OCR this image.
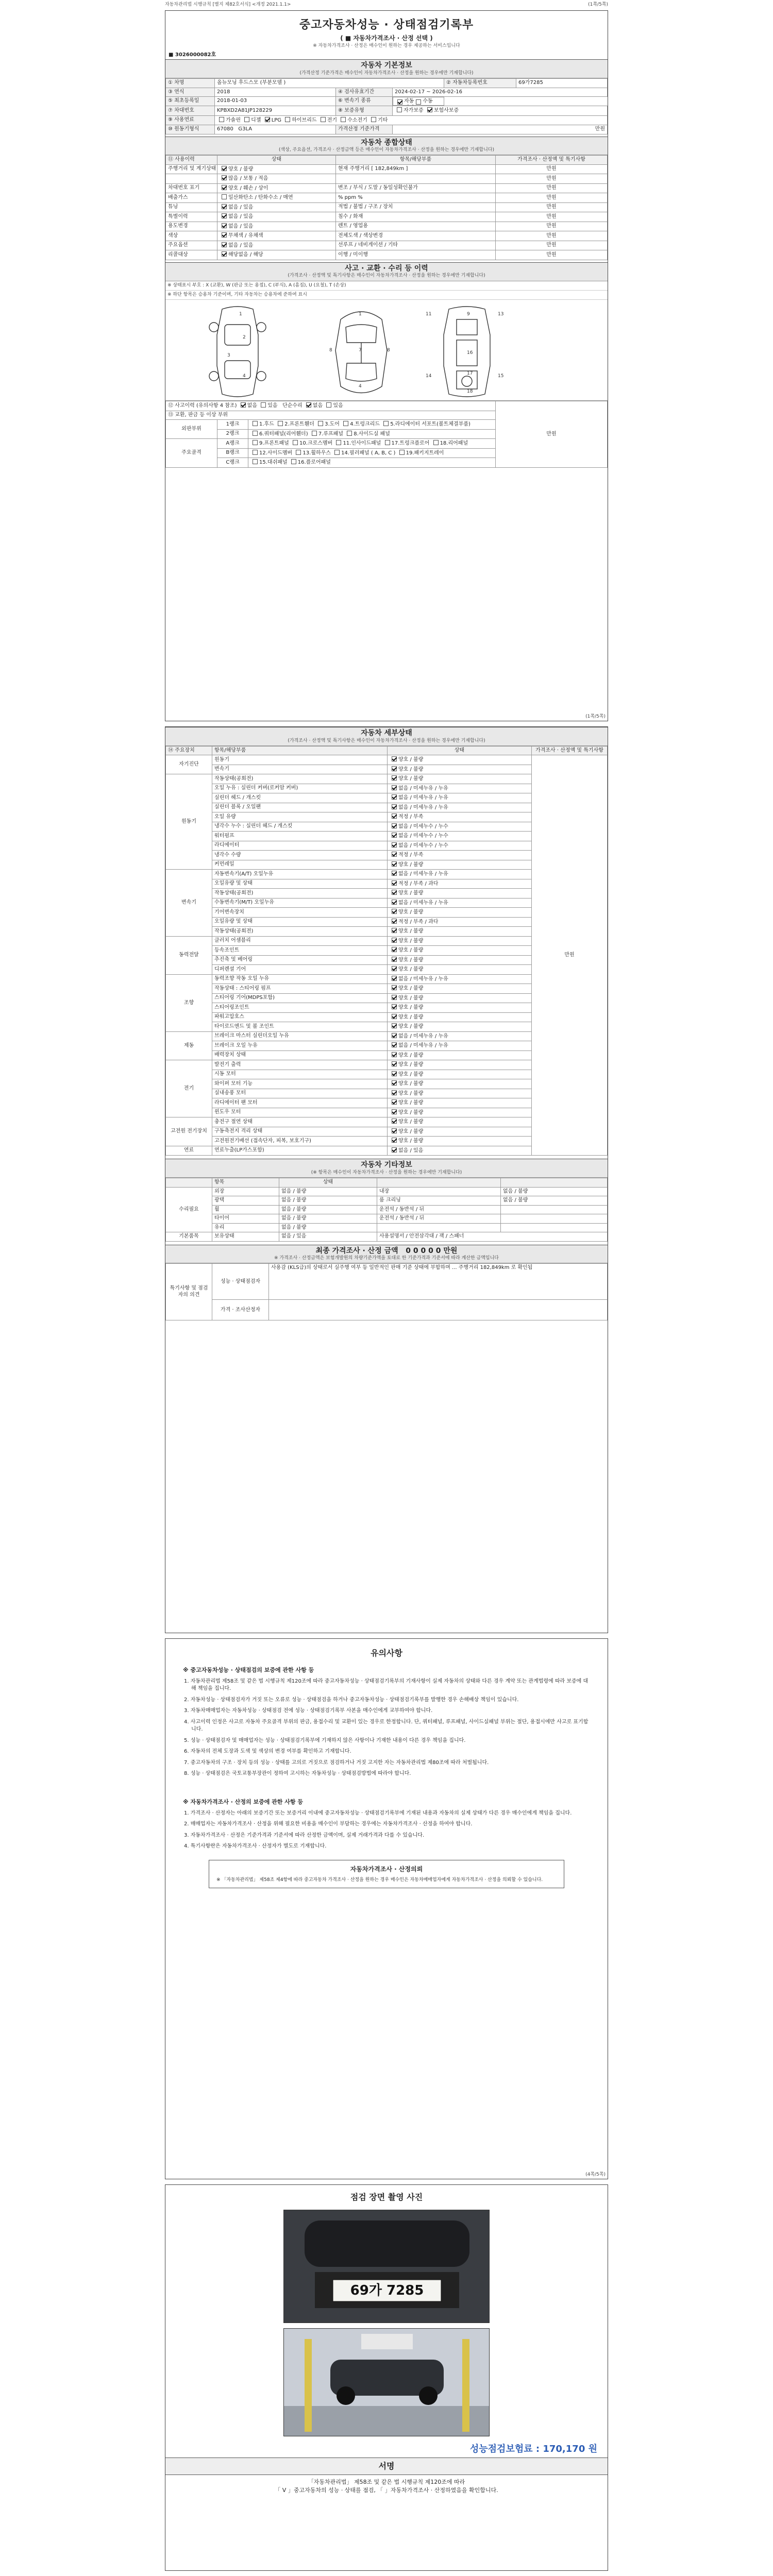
자동차관리법 시행규칙 [별지 제82호서식] <개정 2021.1.1>	(1쪽/5쪽)
중고자동차성능 · 상태점검기록부
( ■ 자동차가격조사 · 산정 선택 )
※ 자동차가격조사 · 산정은 매수인이 원하는 경우 제공하는 서비스입니다
■ 3026000082호
자동차 기본정보
(가격산정 기준가격은 매수인이 자동차가격조사 · 산정을 원하는 경우에만 기재합니다)
① 차명	올뉴모닝 후드스모 (부분모델 )			② 자동차등록번호	69가7285
③ 연식	2018	④ 검사유효기간	2024-02-17 ~ 2026-02-16		
⑤ 최초등록일	2018-01-03	⑥ 변속기 종류		자동 수동

⑦ 차대번호	KPBXD2A81JP128229	⑧ 보증유형	자가보증 보험사보증		
⑨ 사용연료	가솔린 디젤 LPG 하이브리드 전기 수소전기 기타				
⑩ 원동기형식	67080 G3LA	가격산정 기준가격	만원		
자동차 종합상태
(색상, 주요옵션, 가격조사 · 산정금액 등은 매수인이 자동차가격조사 · 산정을 원하는 경우에만 기재합니다)
⑪ 사용이력	상태	항목/해당부품	가격조사 · 산정액 및 특기사항
주행거리 및 계기상태	양호 / 불량	현재 주행거리 [ 182,849km ]	만원
	많음 / 보통 / 적음		만원
차대번호 표기	양호 / 훼손 / 상이	변조 / 부식 / 도말 / 동일성확인불가	만원
배출가스	일산화탄소 / 탄화수소 / 매연	% ppm %	만원
튜닝	없음 / 있음	적법 / 불법 / 구조 / 장치	만원
특별이력	없음 / 있음	침수 / 화재	만원
용도변경	없음 / 있음	렌트 / 영업용	만원
색상	무채색 / 유채색	전체도색 / 색상변경	만원
주요옵션	없음 / 있음	선루프 / 네비게이션 / 기타	만원
리콜대상	해당없음 / 해당	이행 / 미이행	만원
사고 · 교환 · 수리 등 이력
(가격조사 · 산정액 및 특기사항은 매수인이 자동차가격조사 · 산정을 원하는 경우에만 기재합니다)
※ 상태표시 부호 : X (교환), W (판금 또는 용접), C (부식), A (흠집), U (요철), T (손상)
※ 하단 항목은 승용차 기준이며, 기타 자동차는 승용차에 준하여 표시
1
2
3
4
1
7
4
8	8
9
11	13
16
17
18
14	15
⑫ 사고이력 (유의사항 4 참조) 없음 있음 단순수리 없음 있음			만원
⑬ 교환, 판금 등 이상 부위			
외판부위	1랭크	1.후드 2.프론트휀더 3.도어 4.트렁크리드 5.라디에이터 서포트(볼트체결부품)	
	2랭크	6.쿼터패널(리어휀더) 7.루프패널 8.사이드실 패널	
주요골격	A랭크	9.프론트패널 10.크로스멤버 11.인사이드패널 17.트렁크플로어 18.리어패널	
	B랭크	12.사이드멤버 13.휠하우스 14.필러패널 ( A, B, C ) 19.패키지트레이	
	C랭크	15.대쉬패널 16.플로어패널	
(1쪽/5쪽)
자동차 세부상태
(가격조사 · 산정액 및 특기사항은 매수인이 자동차가격조사 · 산정을 원하는 경우에만 기재합니다)
⑭ 주요장치	항목/해당부품	상태	가격조사 · 산정액 및 특기사항
자기진단	원동기	양호 / 불량	만원
	변속기	양호 / 불량	
원동기	작동상태(공회전)	양호 / 불량	
	오일 누유 : 실린더 커버(로커암 커버)	없음 / 미세누유 / 누유	
	실린더 헤드 / 개스킷	없음 / 미세누유 / 누유	
	실린더 블록 / 오일팬	없음 / 미세누유 / 누유	
	오일 유량	적정 / 부족	
	냉각수 누수 : 실린더 헤드 / 개스킷	없음 / 미세누수 / 누수	
	워터펌프	없음 / 미세누수 / 누수	
	라디에이터	없음 / 미세누수 / 누수	
	냉각수 수량	적정 / 부족	
	커먼레일	양호 / 불량	
변속기	자동변속기(A/T) 오일누유	없음 / 미세누유 / 누유	
	오일유량 및 상태	적정 / 부족 / 과다	
	작동상태(공회전)	양호 / 불량	
	수동변속기(M/T) 오일누유	없음 / 미세누유 / 누유	
	기어변속장치	양호 / 불량	
	오일유량 및 상태	적정 / 부족 / 과다	
	작동상태(공회전)	양호 / 불량	
동력전달	클러치 어셈블리	양호 / 불량	
	등속조인트	양호 / 불량	
	추진축 및 베어링	양호 / 불량	
	디퍼렌셜 기어	양호 / 불량	
조향	동력조향 작동 오일 누유	없음 / 미세누유 / 누유	
	작동상태 : 스티어링 펌프	양호 / 불량	
	스티어링 기어(MDPS포함)	양호 / 불량	
	스티어링조인트	양호 / 불량	
	파워고압호스	양호 / 불량	
	타이로드엔드 및 볼 조인트	양호 / 불량	
제동	브레이크 마스터 실린더오일 누유	없음 / 미세누유 / 누유	
	브레이크 오일 누유	없음 / 미세누유 / 누유	
	배력장치 상태	양호 / 불량	
전기	발전기 출력	양호 / 불량	
	시동 모터	양호 / 불량	
	와이퍼 모터 기능	양호 / 불량	
	실내송풍 모터	양호 / 불량	
	라디에이터 팬 모터	양호 / 불량	
	윈도우 모터	양호 / 불량	
고전원 전기장치	충전구 절연 상태	양호 / 불량	
	구동축전지 격리 상태	양호 / 불량	
	고전원전기배선 (접속단자, 피복, 보호기구)	양호 / 불량	
연료	연료누출(LP가스포함)	없음 / 있음	
자동차 기타정보
(※ 항목은 매수인이 자동차가격조사 · 산정을 원하는 경우에만 기재합니다)
	항목	상태		
수리필요	외장	없음 / 불량	내장	없음 / 불량
	광택	없음 / 불량	룸 크리닝	없음 / 불량
	휠	없음 / 불량	운전석 / 동반석 / 뒤	
	타이어	없음 / 불량	운전석 / 동반석 / 뒤	
	유리	없음 / 불량		
기본품목	보유상태	없음 / 있음	사용설명서 / 안전삼각대 / 잭 / 스패너	
최종 가격조사 · 산정 금액 0 0 0 0 0 만원
※ 가격조사 · 산정금액은 보험개발원의 차량기준가액을 토대로 한 기준가격과 기준서에 따라 계산한 금액입니다
특기사항 및 점검자의 의견	성능 · 상태점검자	사용감 (KLS급)의 상태로서 실주행 여부 등 일반적인 판매 기준 상태에 부합하며 ... 주행거리 182,849km 로 확인됨
	가격 · 조사산정자	
유의사항
※ 중고자동차성능 · 상태점검의 보증에 관한 사항 등
1. 자동차관리법 제58조 및 같은 법 시행규칙 제120조에 따라 중고자동차성능 · 상태점검기록부의 기재사항이 실제 자동차의 상태와 다른 경우 계약 또는 관계법령에 따라 보증에 대해 책임을 집니다.
2. 자동차성능 · 상태점검자가 거짓 또는 오류로 성능 · 상태점검을 하거나 중고자동차성능 · 상태점검기록부를 발행한 경우 손해배상 책임이 있습니다.
3. 자동차매매업자는 자동차성능 · 상태점검 전에 성능 · 상태점검기록부 사본을 매수인에게 교부하여야 합니다.
4. 사고이력 인정은 사고로 자동차 주요골격 부위의 판금, 용접수리 및 교환이 있는 경우로 한정합니다. 단, 쿼터패널, 루프패널, 사이드실패널 부위는 절단, 용접시에만 사고로 표기합니다.
5. 성능 · 상태점검자 및 매매업자는 성능 · 상태점검기록부에 기재하지 않은 사항이나 기재한 내용이 다른 경우 책임을 집니다.
6. 자동차의 전체 도장과 도색 및 색상의 변경 여부를 확인하고 기재합니다.
7. 중고자동차의 구조 · 장치 등의 성능 · 상태를 고의로 거짓으로 점검하거나 거짓 고지한 자는 자동차관리법 제80조에 따라 처벌됩니다.
8. 성능 · 상태점검은 국토교통부장관이 정하여 고시하는 자동차성능 · 상태점검방법에 따라야 합니다.
※ 자동차가격조사 · 산정의 보증에 관한 사항 등
1. 가격조사 · 산정자는 아래의 보증기간 또는 보증거리 이내에 중고자동차성능 · 상태점검기록부에 기재된 내용과 자동차의 실제 상태가 다른 경우 매수인에게 책임을 집니다.
2. 매매업자는 자동차가격조사 · 산정을 위해 필요한 비용을 매수인이 부담하는 경우에는 자동차가격조사 · 산정을 하여야 합니다.
3. 자동차가격조사 · 산정은 기준가격과 기준서에 따라 산정한 금액이며, 실제 거래가격과 다를 수 있습니다.
4. 특기사항란은 자동차가격조사 · 산정자가 별도로 기재합니다.
자동차가격조사 · 산정의뢰
※ 「자동차관리법」 제58조 제4항에 따라 중고자동차 가격조사 · 산정을 원하는 경우 매수인은 자동차매매업자에게 자동차가격조사 · 산정을 의뢰할 수 있습니다.
(4쪽/5쪽)
점검 장면 촬영 사진
69가 7285
성능점검보험료 : 170,170 원
서명
「자동차관리법」 제58조 및 같은 법 시행규칙 제120조에 따라
「 V 」중고자동차의 성능 · 상태를 점검, 「 」자동차가격조사 · 산정하였음을 확인합니다.
